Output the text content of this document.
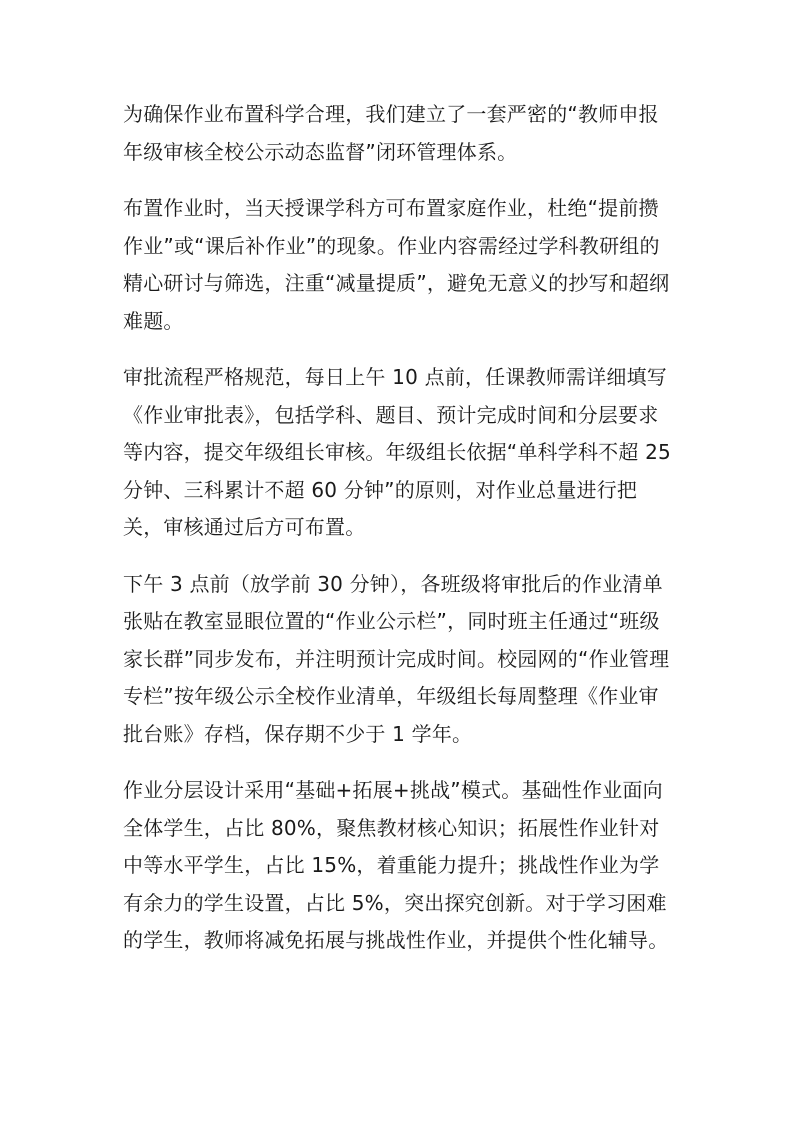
为确保作业布置科学合理，我们建立了一套严密的“教师申报年级审核全校公示动态监督”闭环管理体系。

布置作业时，当天授课学科方可布置家庭作业，杜绝“提前攒作业”或“课后补作业”的现象。作业内容需经过学科教研组的精心研讨与筛选，注重“减量提质”，避免无意义的抄写和超纲难题。

审批流程严格规范，每日上午 10 点前，任课教师需详细填写《作业审批表》，包括学科、题目、预计完成时间和分层要求等内容，提交年级组长审核。年级组长依据“单科学科不超 25 分钟、三科累计不超 60 分钟”的原则，对作业总量进行把关，审核通过后方可布置。

下午 3 点前（放学前 30 分钟），各班级将审批后的作业清单张贴在教室显眼位置的“作业公示栏”，同时班主任通过“班级家长群”同步发布，并注明预计完成时间。校园网的“作业管理专栏”按年级公示全校作业清单，年级组长每周整理《作业审批台账》存档，保存期不少于 1 学年。

作业分层设计采用“基础+拓展+挑战”模式。基础性作业面向全体学生，占比 80%，聚焦教材核心知识；拓展性作业针对中等水平学生，占比 15%，着重能力提升；挑战性作业为学有余力的学生设置，占比 5%，突出探究创新。对于学习困难的学生，教师将减免拓展与挑战性作业，并提供个性化辅导。
